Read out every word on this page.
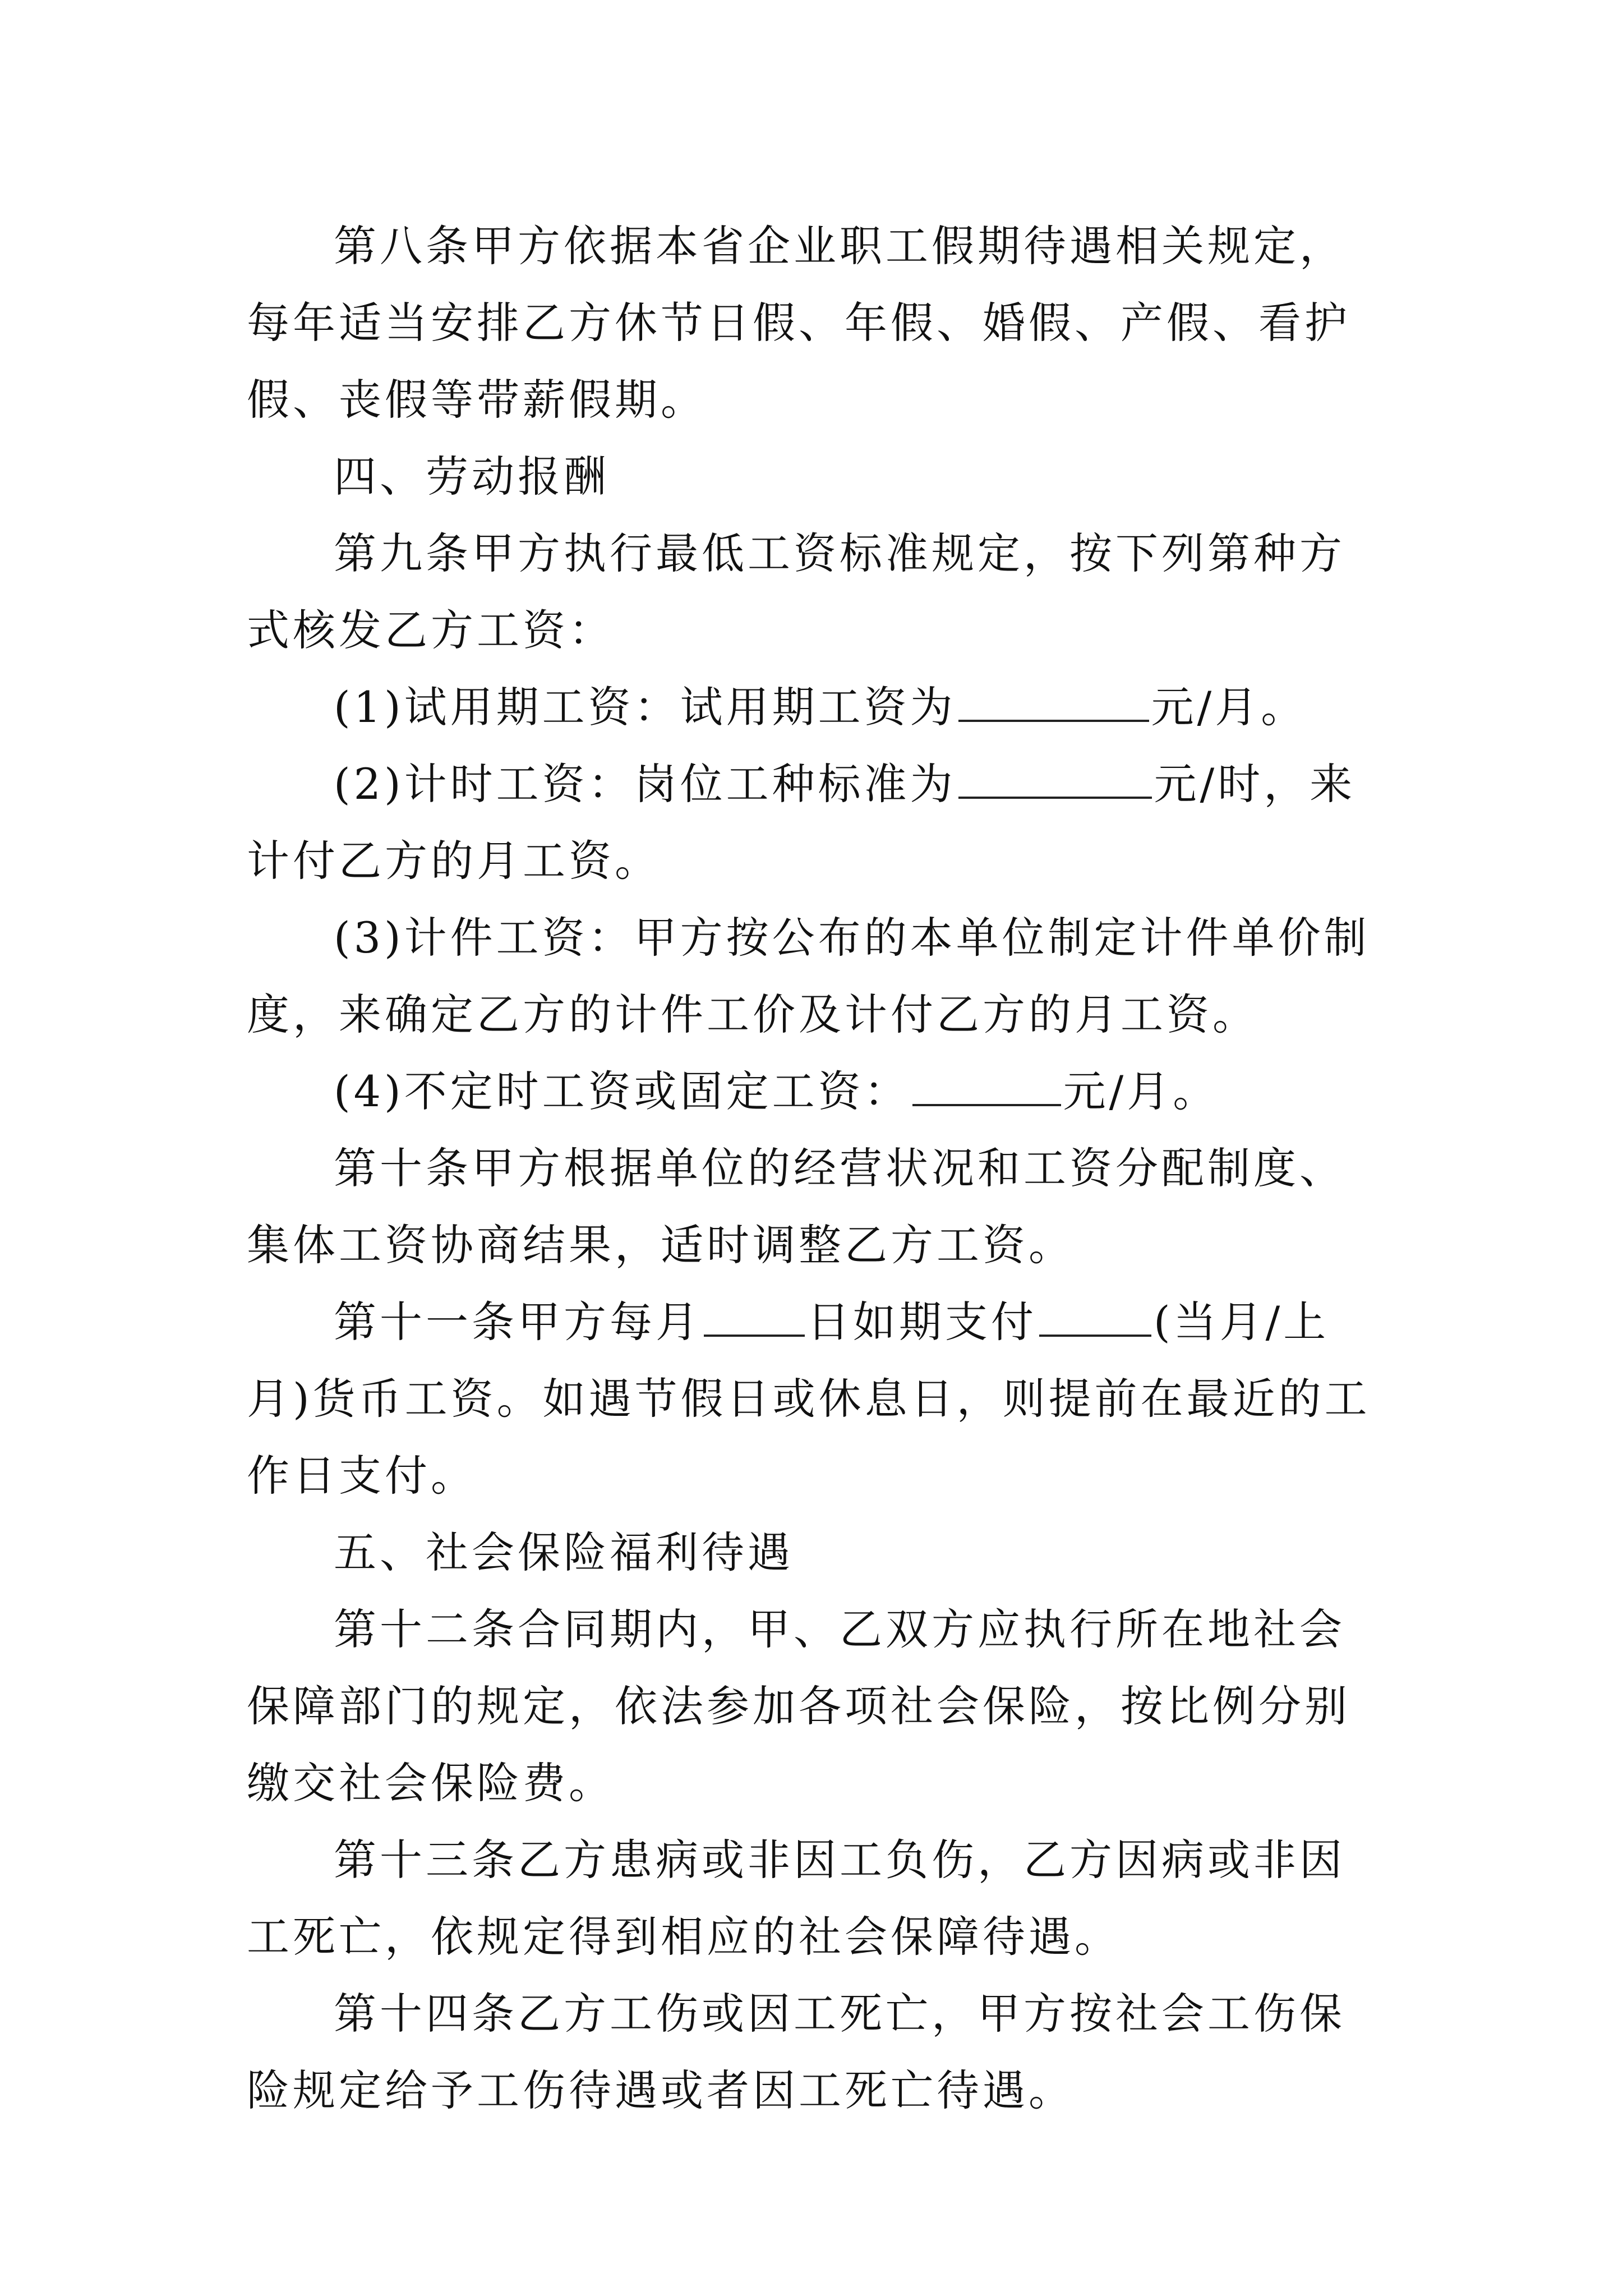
第八条甲方依据本省企业职工假期待遇相关规定，每年适当安排乙方休节日假、年假、婚假、产假、看护假、丧假等带薪假期。

四、劳动报酬

第九条甲方执行最低工资标准规定，按下列第种方式核发乙方工资：

(1)试用期工资：试用期工资为	元/月。

(2)计时工资：岗位工种标准为	元/时，来计付乙方的月工资。

(3)计件工资：甲方按公布的本单位制定计件单价制度，来确定乙方的计件工价及计付乙方的月工资。

(4)不定时工资或固定工资：	元/月。

第十条甲方根据单位的经营状况和工资分配制度、集体工资协商结果，适时调整乙方工资。

第十一条甲方每月 日如期支付	(当月/上月)货币工资。如遇节假日或休息日，则提前在最近的工作日支付。

五、社会保险福利待遇

第十二条合同期内，甲、乙双方应执行所在地社会保障部门的规定，依法参加各项社会保险，按比例分别缴交社会保险费。

第十三条乙方患病或非因工负伤，乙方因病或非因工死亡，依规定得到相应的社会保障待遇。

第十四条乙方工伤或因工死亡，甲方按社会工伤保险规定给予工伤待遇或者因工死亡待遇。
